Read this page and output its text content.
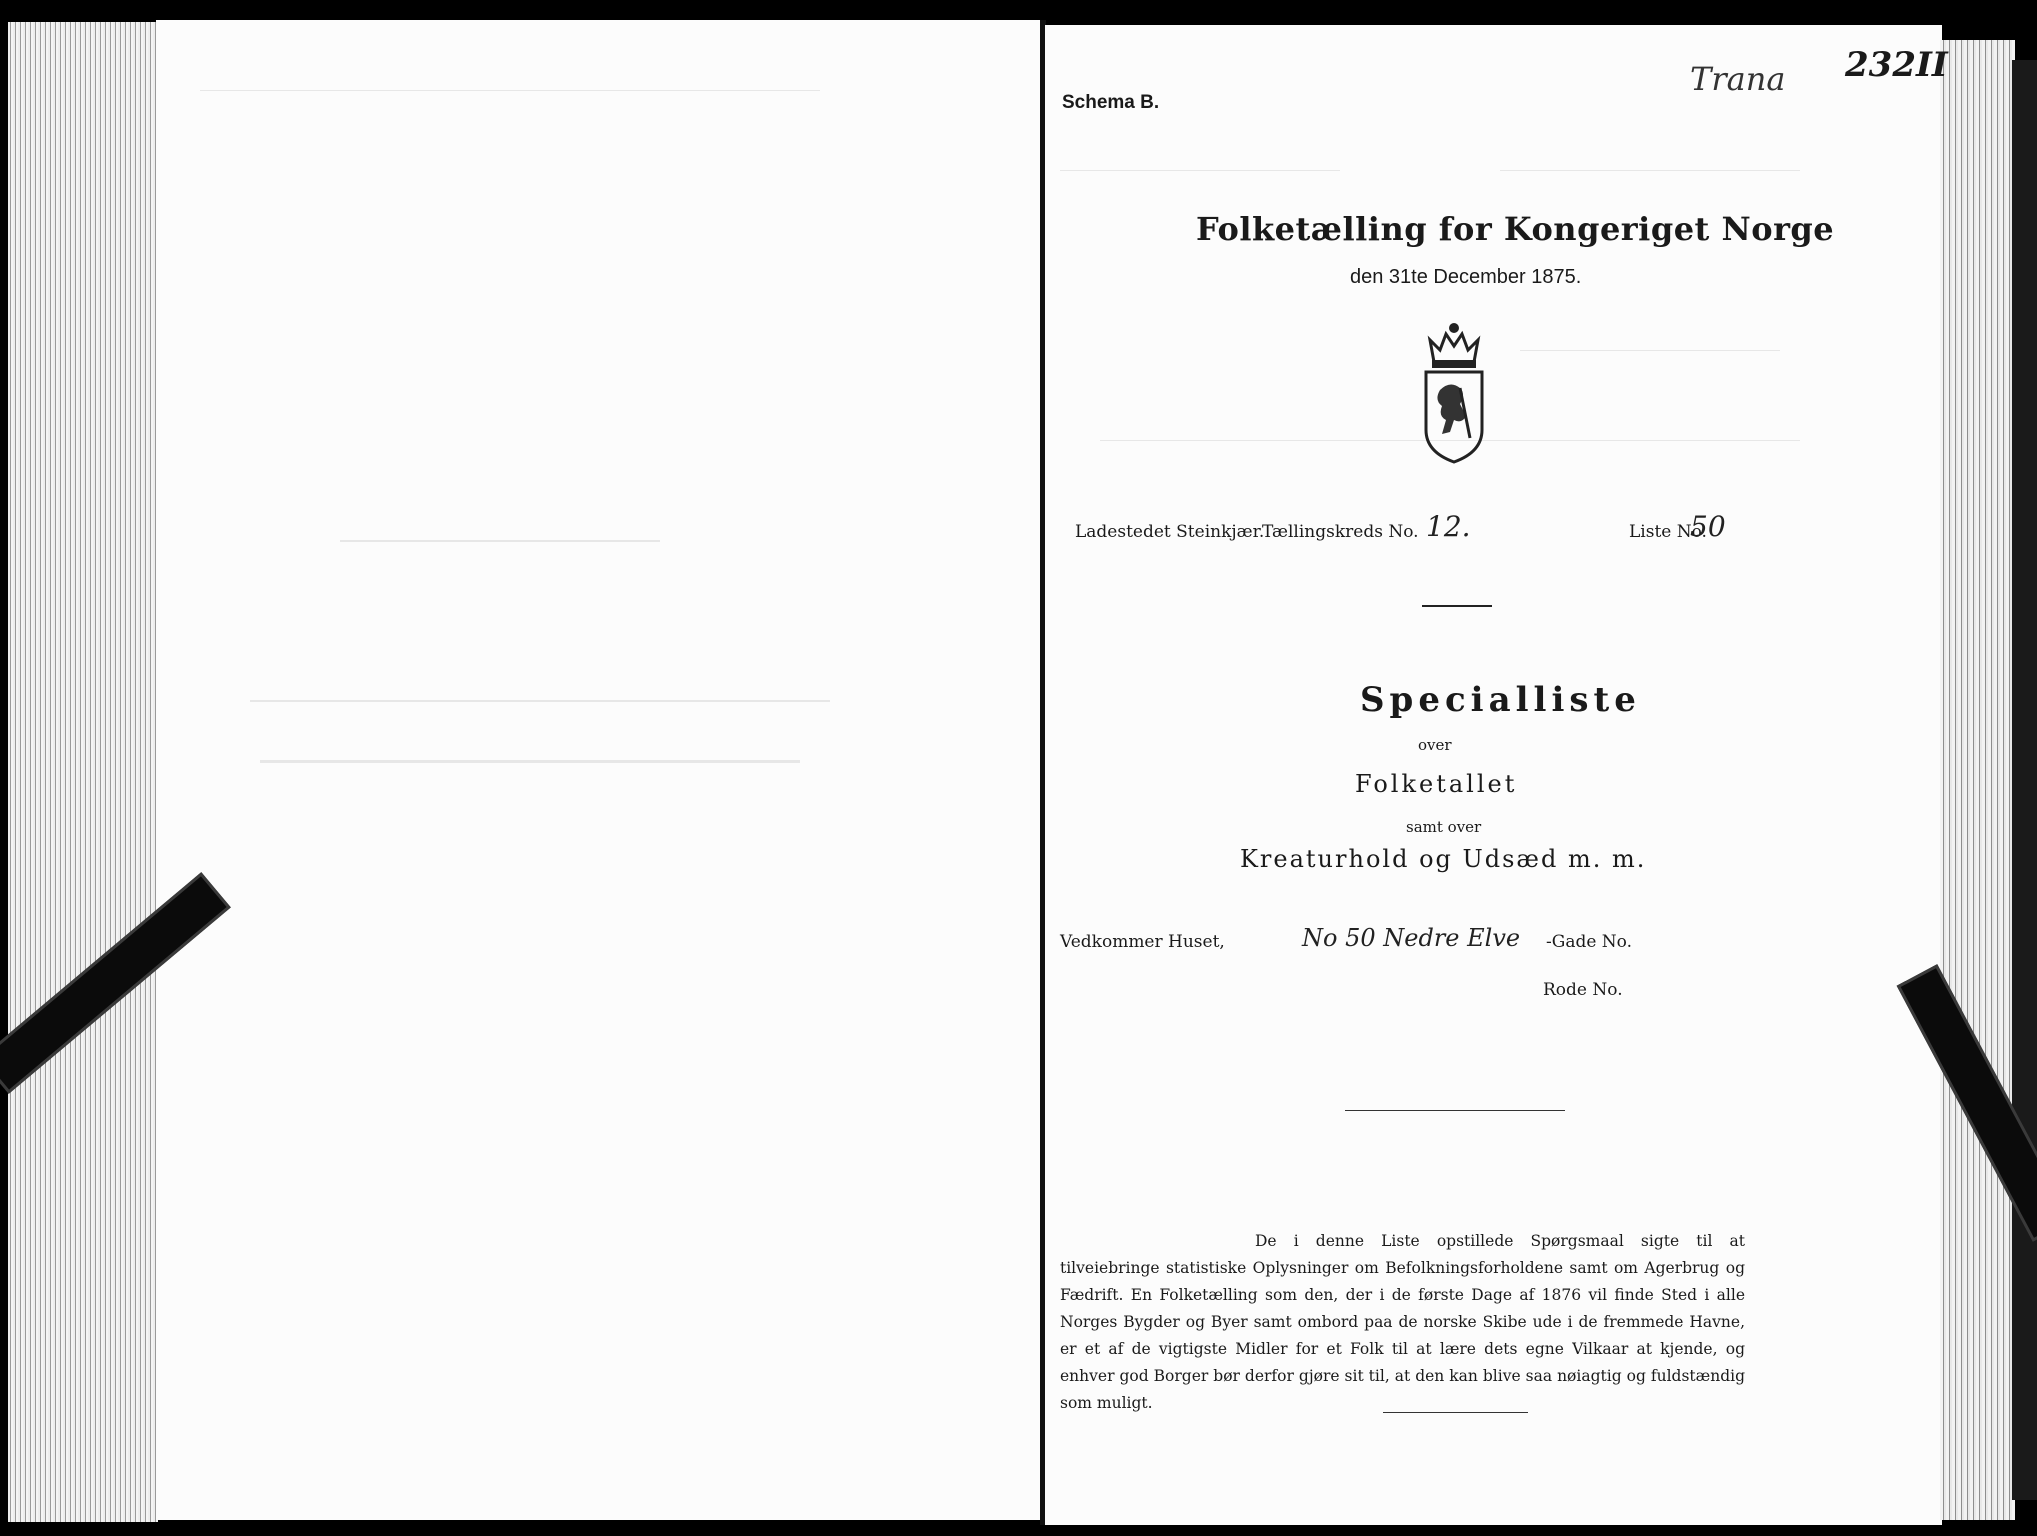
Trana 232II
Schema B.
Folketælling for Kongeriget Norge
den 31te December 1875.
Ladestedet Steinkjær.
Tællingskreds No. 12.	Liste No.
50
Specialliste
over
Folketallet
samt over
Kreaturhold og Udsæd m. m.
Vedkommer Huset,	No 50 Nedre Elve -Gade No.
Rode No.
De i denne Liste opstillede Spørgsmaal sigte til at tilveiebringe statistiske Oplysninger om Befolkningsforholdene samt om Agerbrug og Fædrift. En Folketælling som den, der i de første Dage af 1876 vil finde Sted i alle Norges Bygder og Byer samt ombord paa de norske Skibe ude i de fremmede Havne, er et af de vigtigste Midler for et Folk til at lære dets egne Vilkaar at kjende, og enhver god Borger bør derfor gjøre sit til, at den kan blive saa nøiagtig og fuldstændig som muligt.
